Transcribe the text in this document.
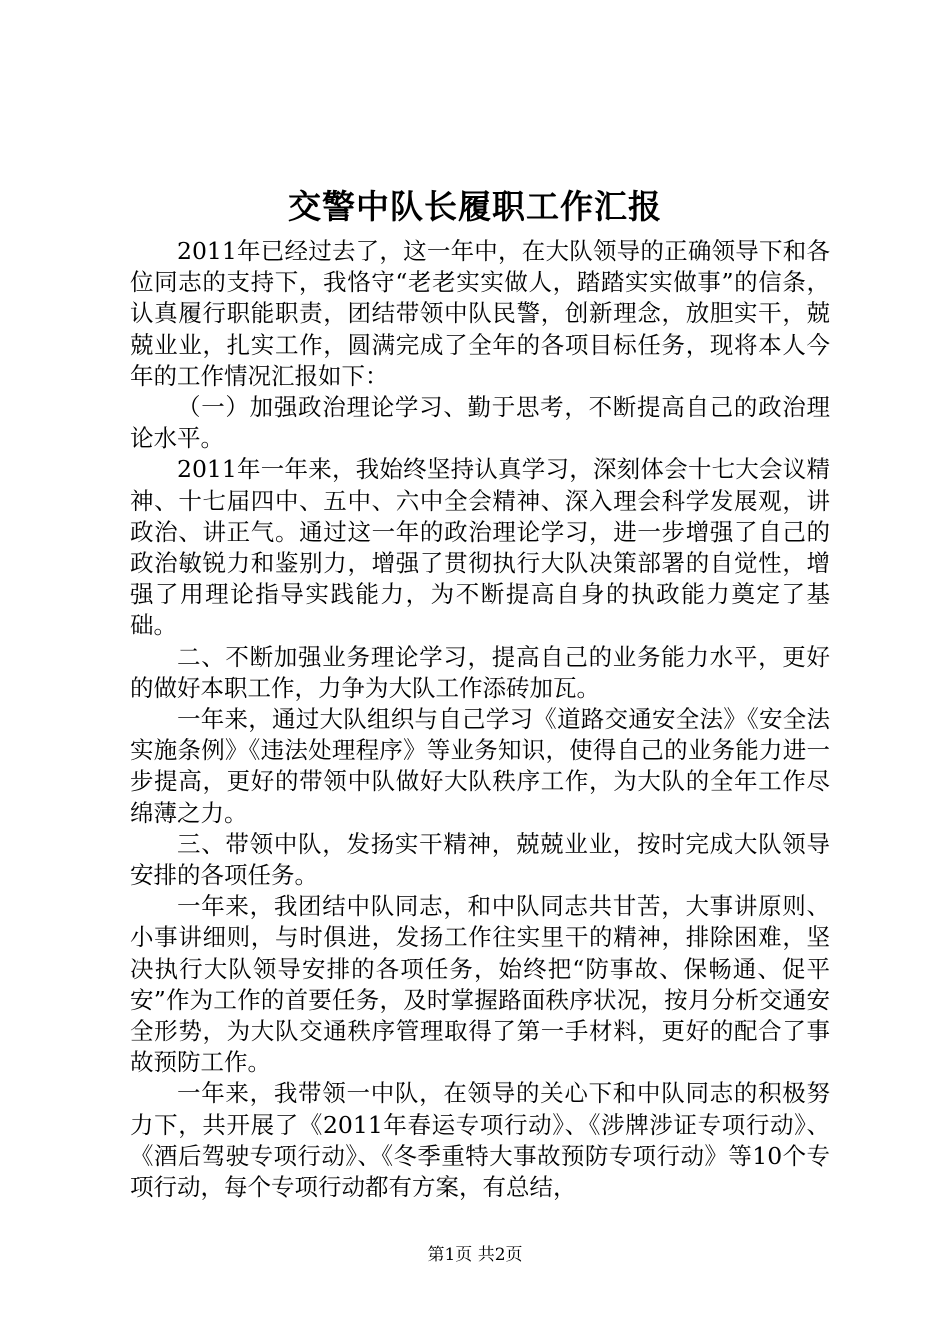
交警中队长履职工作汇报

2011年已经过去了，这一年中，在大队领导的正确领导下和各位同志的支持下，我恪守“老老实实做人，踏踏实实做事”的信条，认真履行职能职责，团结带领中队民警，创新理念，放胆实干，兢兢业业，扎实工作，圆满完成了全年的各项目标任务，现将本人今年的工作情况汇报如下：

（一）加强政治理论学习、勤于思考，不断提高自己的政治理论水平。

2011年一年来，我始终坚持认真学习，深刻体会十七大会议精神、十七届四中、五中、六中全会精神、深入理会科学发展观，讲政治、讲正气。通过这一年的政治理论学习，进一步增强了自己的政治敏锐力和鉴别力，增强了贯彻执行大队决策部署的自觉性，增强了用理论指导实践能力，为不断提高自身的执政能力奠定了基础。

二、不断加强业务理论学习，提高自己的业务能力水平，更好的做好本职工作，力争为大队工作添砖加瓦。

一年来，通过大队组织与自己学习《道路交通安全法》《安全法实施条例》《违法处理程序》等业务知识，使得自己的业务能力进一步提高，更好的带领中队做好大队秩序工作，为大队的全年工作尽绵薄之力。

三、带领中队，发扬实干精神，兢兢业业，按时完成大队领导安排的各项任务。

一年来，我团结中队同志，和中队同志共甘苦，大事讲原则、小事讲细则，与时俱进，发扬工作往实里干的精神，排除困难，坚决执行大队领导安排的各项任务，始终把“防事故、保畅通、促平安”作为工作的首要任务，及时掌握路面秩序状况，按月分析交通安全形势，为大队交通秩序管理取得了第一手材料，更好的配合了事故预防工作。

一年来，我带领一中队，在领导的关心下和中队同志的积极努力下，共开展了《2011年春运专项行动》、《涉牌涉证专项行动》、《酒后驾驶专项行动》、《冬季重特大事故预防专项行动》等10个专项行动，每个专项行动都有方案，有总结，

第1页 共2页
